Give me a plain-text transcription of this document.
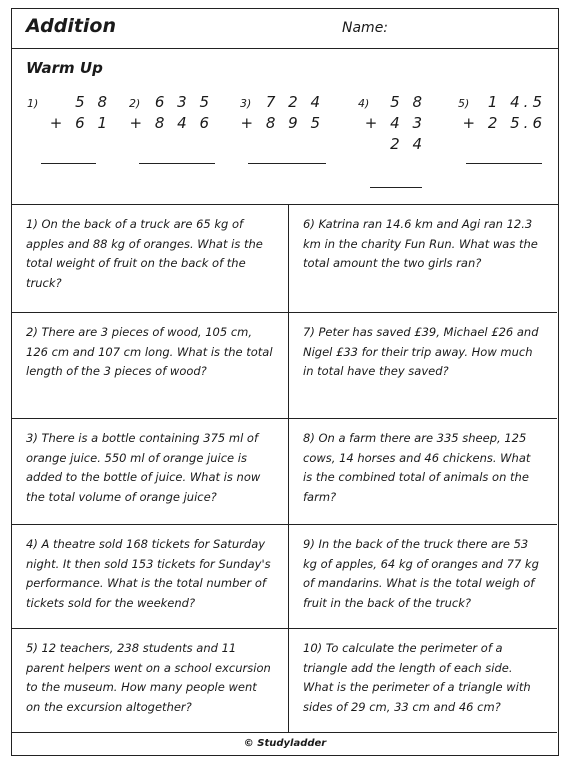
Addition	Name:
Warm Up
1) 5 8
+ 6 1
2) 6 3 5
+ 8 4 6
3) 7 2 4
+ 8 9 5
4) 5 8
+ 4 3
2 4
5) 1 4.5
+ 2 5.6
1) On the back of a truck are 65 kg of apples and 88 kg of oranges. What is the total weight of fruit on the back of the truck?
6) Katrina ran 14.6 km and Agi ran 12.3 km in the charity Fun Run. What was the total amount the two girls ran?
2) There are 3 pieces of wood, 105 cm, 126 cm and 107 cm long. What is the total length of the 3 pieces of wood?
7) Peter has saved £39, Michael £26 and Nigel £33 for their trip away. How much in total have they saved?
3) There is a bottle containing 375 ml of orange juice. 550 ml of orange juice is added to the bottle of juice. What is now the total volume of orange juice?
8) On a farm there are 335 sheep, 125 cows, 14 horses and 46 chickens. What is the combined total of animals on the farm?
4) A theatre sold 168 tickets for Saturday night. It then sold 153 tickets for Sunday's performance. What is the total number of tickets sold for the weekend?
9) In the back of the truck there are 53 kg of apples, 64 kg of oranges and 77 kg of mandarins. What is the total weigh of fruit in the back of the truck?
5) 12 teachers, 238 students and 11 parent helpers went on a school excursion to the museum. How many people went on the excursion altogether?
10) To calculate the perimeter of a triangle add the length of each side. What is the perimeter of a triangle with sides of 29 cm, 33 cm and 46 cm?
© Studyladder
